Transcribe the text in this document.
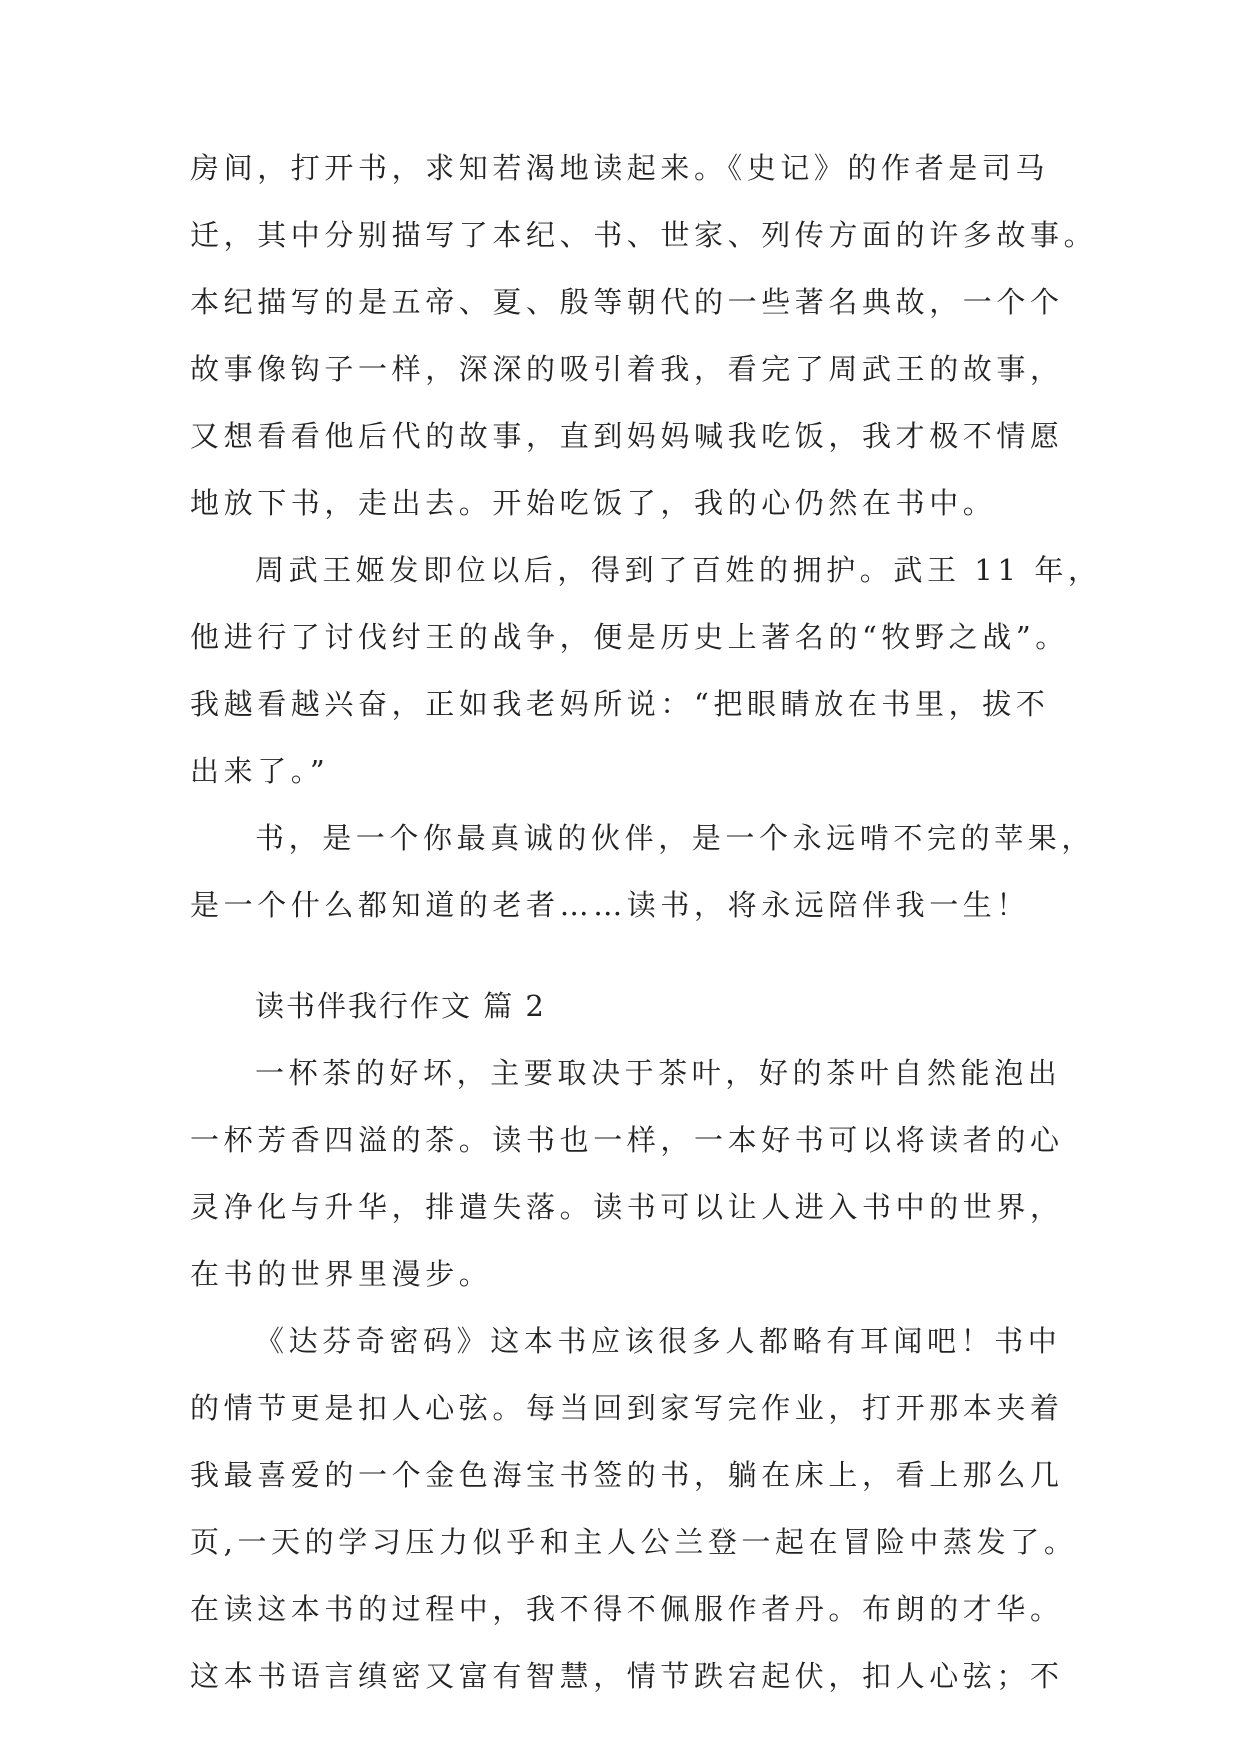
房间，打开书，求知若渴地读起来。《史记》的作者是司马
迁，其中分别描写了本纪、书、世家、列传方面的许多故事。
本纪描写的是五帝、夏、殷等朝代的一些著名典故，一个个
故事像钩子一样，深深的吸引着我，看完了周武王的故事，
又想看看他后代的故事，直到妈妈喊我吃饭，我才极不情愿
地放下书，走出去。开始吃饭了，我的心仍然在书中。
周武王姬发即位以后，得到了百姓的拥护。武王 11 年，
他进行了讨伐纣王的战争，便是历史上著名的“牧野之战”。
我越看越兴奋，正如我老妈所说：“把眼睛放在书里，拔不
出来了。”
书，是一个你最真诚的伙伴，是一个永远啃不完的苹果，
是一个什么都知道的老者……读书，将永远陪伴我一生！
读书伴我行作文 篇 2
一杯茶的好坏，主要取决于茶叶，好的茶叶自然能泡出
一杯芳香四溢的茶。读书也一样，一本好书可以将读者的心
灵净化与升华，排遣失落。读书可以让人进入书中的世界，
在书的世界里漫步。
《达芬奇密码》这本书应该很多人都略有耳闻吧！书中
的情节更是扣人心弦。每当回到家写完作业，打开那本夹着
我最喜爱的一个金色海宝书签的书，躺在床上，看上那么几
页,一天的学习压力似乎和主人公兰登一起在冒险中蒸发了。
在读这本书的过程中，我不得不佩服作者丹。布朗的才华。
这本书语言缜密又富有智慧，情节跌宕起伏，扣人心弦；不
